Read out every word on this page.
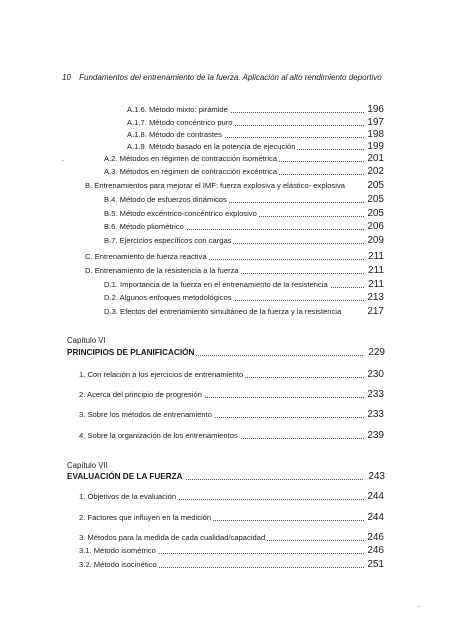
10 Fundamentos del entrenamiento de la fuerza. Aplicación al alto rendimiento deportivo
A.1.6. Método mixto: pirámide	196
A.1.7. Método concéntrico puro	197
A.1.8. Método de contrastes	198
A.1.9. Método basado en la potencia de ejecución	199
A.2. Métodos en régimen de contracción isométrica	201
A.3. Métodos en régimen de contracción excéntrica	202
B. Entrenamientos para mejorar el IMF: fuerza explosiva y elástico- explosiva	205
B.4. Método de esfuerzos dinámicos	205
B.5. Método excéntrico-concéntrico explosivo	205
B.6. Método pliométrico	206
B.7. Ejercicios específicos con cargas	209
C. Entrenamiento de fuerza reactiva	211
D. Entrenamiento de la resistencia a la fuerza	211
D.1. Importancia de la fuerza en el entrenamiento de la resistencia	211
D.2. Algunos enfoques metodológicos	213
D.3. Efectos del entrenamiento simultáneo de la fuerza y la resistencia	217
Capítulo VI
PRINCIPIOS DE PLANIFICACIÓN	229
1. Con relación a los ejercicios de entrenamiento	230
2. Acerca del principio de progresión	233
3. Sobre los métodos de entrenamiento	233
4. Sobre la organización de los entrenamientos	239
Capítulo VII
EVALUACIÓN DE LA FUERZA	243
1. Objetivos de la evaluación	244
2. Factores que influyen en la medición	244
3. Métodos para la medida de cada cualidad/capacidad	246
3.1. Método isométrico	246
3.2. Método isocinético	251
